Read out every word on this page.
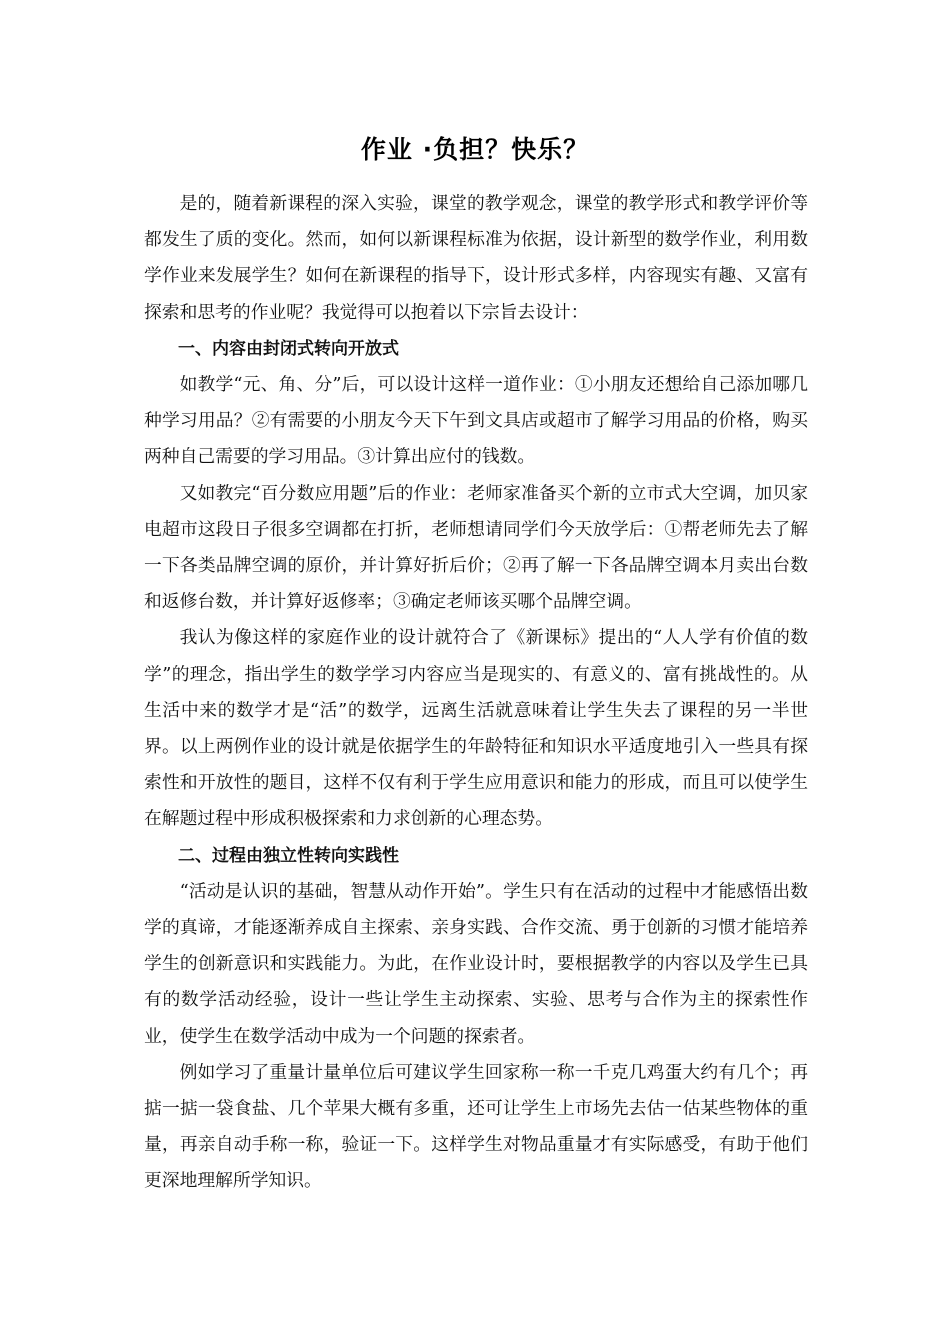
作业 ·负担？快乐？

是的，随着新课程的深入实验，课堂的教学观念，课堂的教学形式和教学评价等都发生了质的变化。然而，如何以新课程标准为依据，设计新型的数学作业，利用数学作业来发展学生？如何在新课程的指导下，设计形式多样，内容现实有趣、又富有探索和思考的作业呢？我觉得可以抱着以下宗旨去设计：

一、内容由封闭式转向开放式

如教学“元、角、分”后，可以设计这样一道作业：①小朋友还想给自己添加哪几种学习用品？②有需要的小朋友今天下午到文具店或超市了解学习用品的价格，购买两种自己需要的学习用品。③计算出应付的钱数。

又如教完“百分数应用题”后的作业：老师家准备买个新的立市式大空调，加贝家电超市这段日子很多空调都在打折，老师想请同学们今天放学后：①帮老师先去了解一下各类品牌空调的原价，并计算好折后价；②再了解一下各品牌空调本月卖出台数和返修台数，并计算好返修率；③确定老师该买哪个品牌空调。

我认为像这样的家庭作业的设计就符合了《新课标》提出的“人人学有价值的数学”的理念，指出学生的数学学习内容应当是现实的、有意义的、富有挑战性的。从生活中来的数学才是“活”的数学，远离生活就意味着让学生失去了课程的另一半世界。以上两例作业的设计就是依据学生的年龄特征和知识水平适度地引入一些具有探索性和开放性的题目，这样不仅有利于学生应用意识和能力的形成，而且可以使学生在解题过程中形成积极探索和力求创新的心理态势。

二、过程由独立性转向实践性

“活动是认识的基础，智慧从动作开始”。学生只有在活动的过程中才能感悟出数学的真谛，才能逐渐养成自主探索、亲身实践、合作交流、勇于创新的习惯才能培养学生的创新意识和实践能力。为此，在作业设计时，要根据教学的内容以及学生已具有的数学活动经验，设计一些让学生主动探索、实验、思考与合作为主的探索性作业，使学生在数学活动中成为一个问题的探索者。

例如学习了重量计量单位后可建议学生回家称一称一千克几鸡蛋大约有几个；再掂一掂一袋食盐、几个苹果大概有多重，还可让学生上市场先去估一估某些物体的重量，再亲自动手称一称，验证一下。这样学生对物品重量才有实际感受，有助于他们更深地理解所学知识。
